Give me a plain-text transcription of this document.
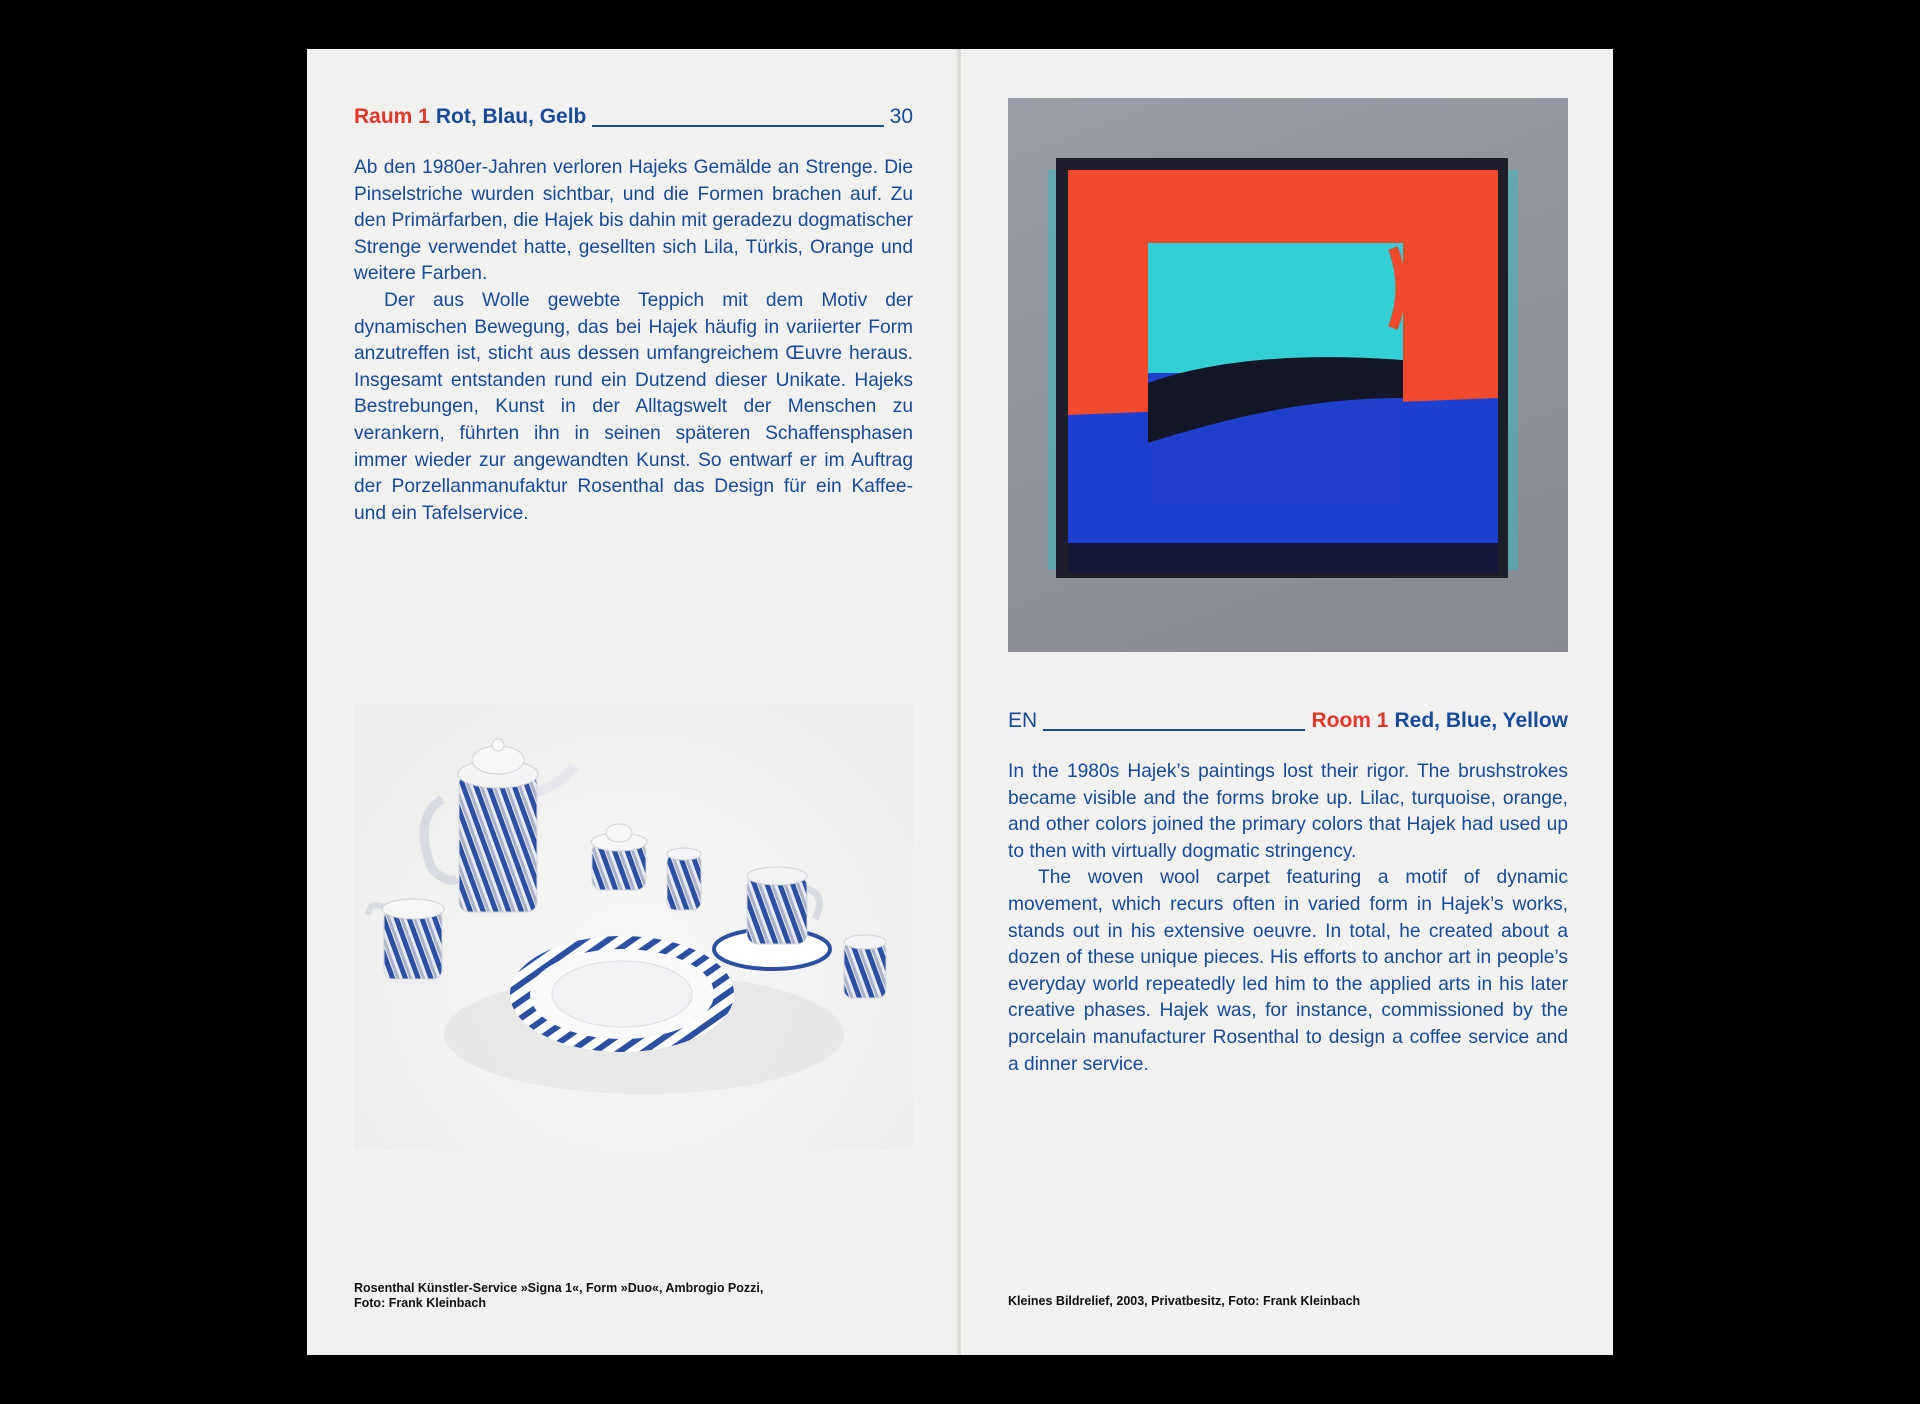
Raum 1 Rot, Blau, Gelb	30

Ab den 1980er-Jahren verloren Hajeks Gemälde an Strenge. Die Pinselstriche wurden sichtbar, und die Formen brachen auf. Zu den Primärfarben, die Hajek bis dahin mit geradezu dogmatischer Strenge verwendet hatte, gesellten sich Lila, Türkis, Orange und weitere Farben.

Der aus Wolle gewebte Teppich mit dem Motiv der dynamischen Bewegung, das bei Hajek häufig in variierter Form anzutreffen ist, sticht aus dessen umfangreichem Œuvre heraus. Insgesamt entstanden rund ein Dutzend dieser Unikate. Hajeks Bestrebungen, Kunst in der Alltagswelt der Menschen zu verankern, führten ihn in seinen späteren Schaffensphasen immer wieder zur angewandten Kunst. So entwarf er im Auftrag der Porzellanmanufaktur Rosenthal das Design für ein Kaffee- und ein Tafelservice.

Rosenthal Künstler-Service »Signa 1«, Form »Duo«, Ambrogio Pozzi,
Foto: Frank Kleinbach
EN	Room 1 Red, Blue, Yellow

In the 1980s Hajek’s paintings lost their rigor. The brushstrokes became visible and the forms broke up. Lilac, turquoise, orange, and other colors joined the primary colors that Hajek had used up to then with virtually dogmatic stringency.

The woven wool carpet featuring a motif of dynamic movement, which recurs often in varied form in Hajek’s works, stands out in his extensive oeuvre. In total, he created about a dozen of these unique pieces. His efforts to anchor art in people’s everyday world repeatedly led him to the applied arts in his later creative phases. Hajek was, for instance, commissioned by the porcelain manufacturer Rosenthal to design a coffee service and a dinner service.

Kleines Bildrelief, 2003, Privatbesitz, Foto: Frank Kleinbach
